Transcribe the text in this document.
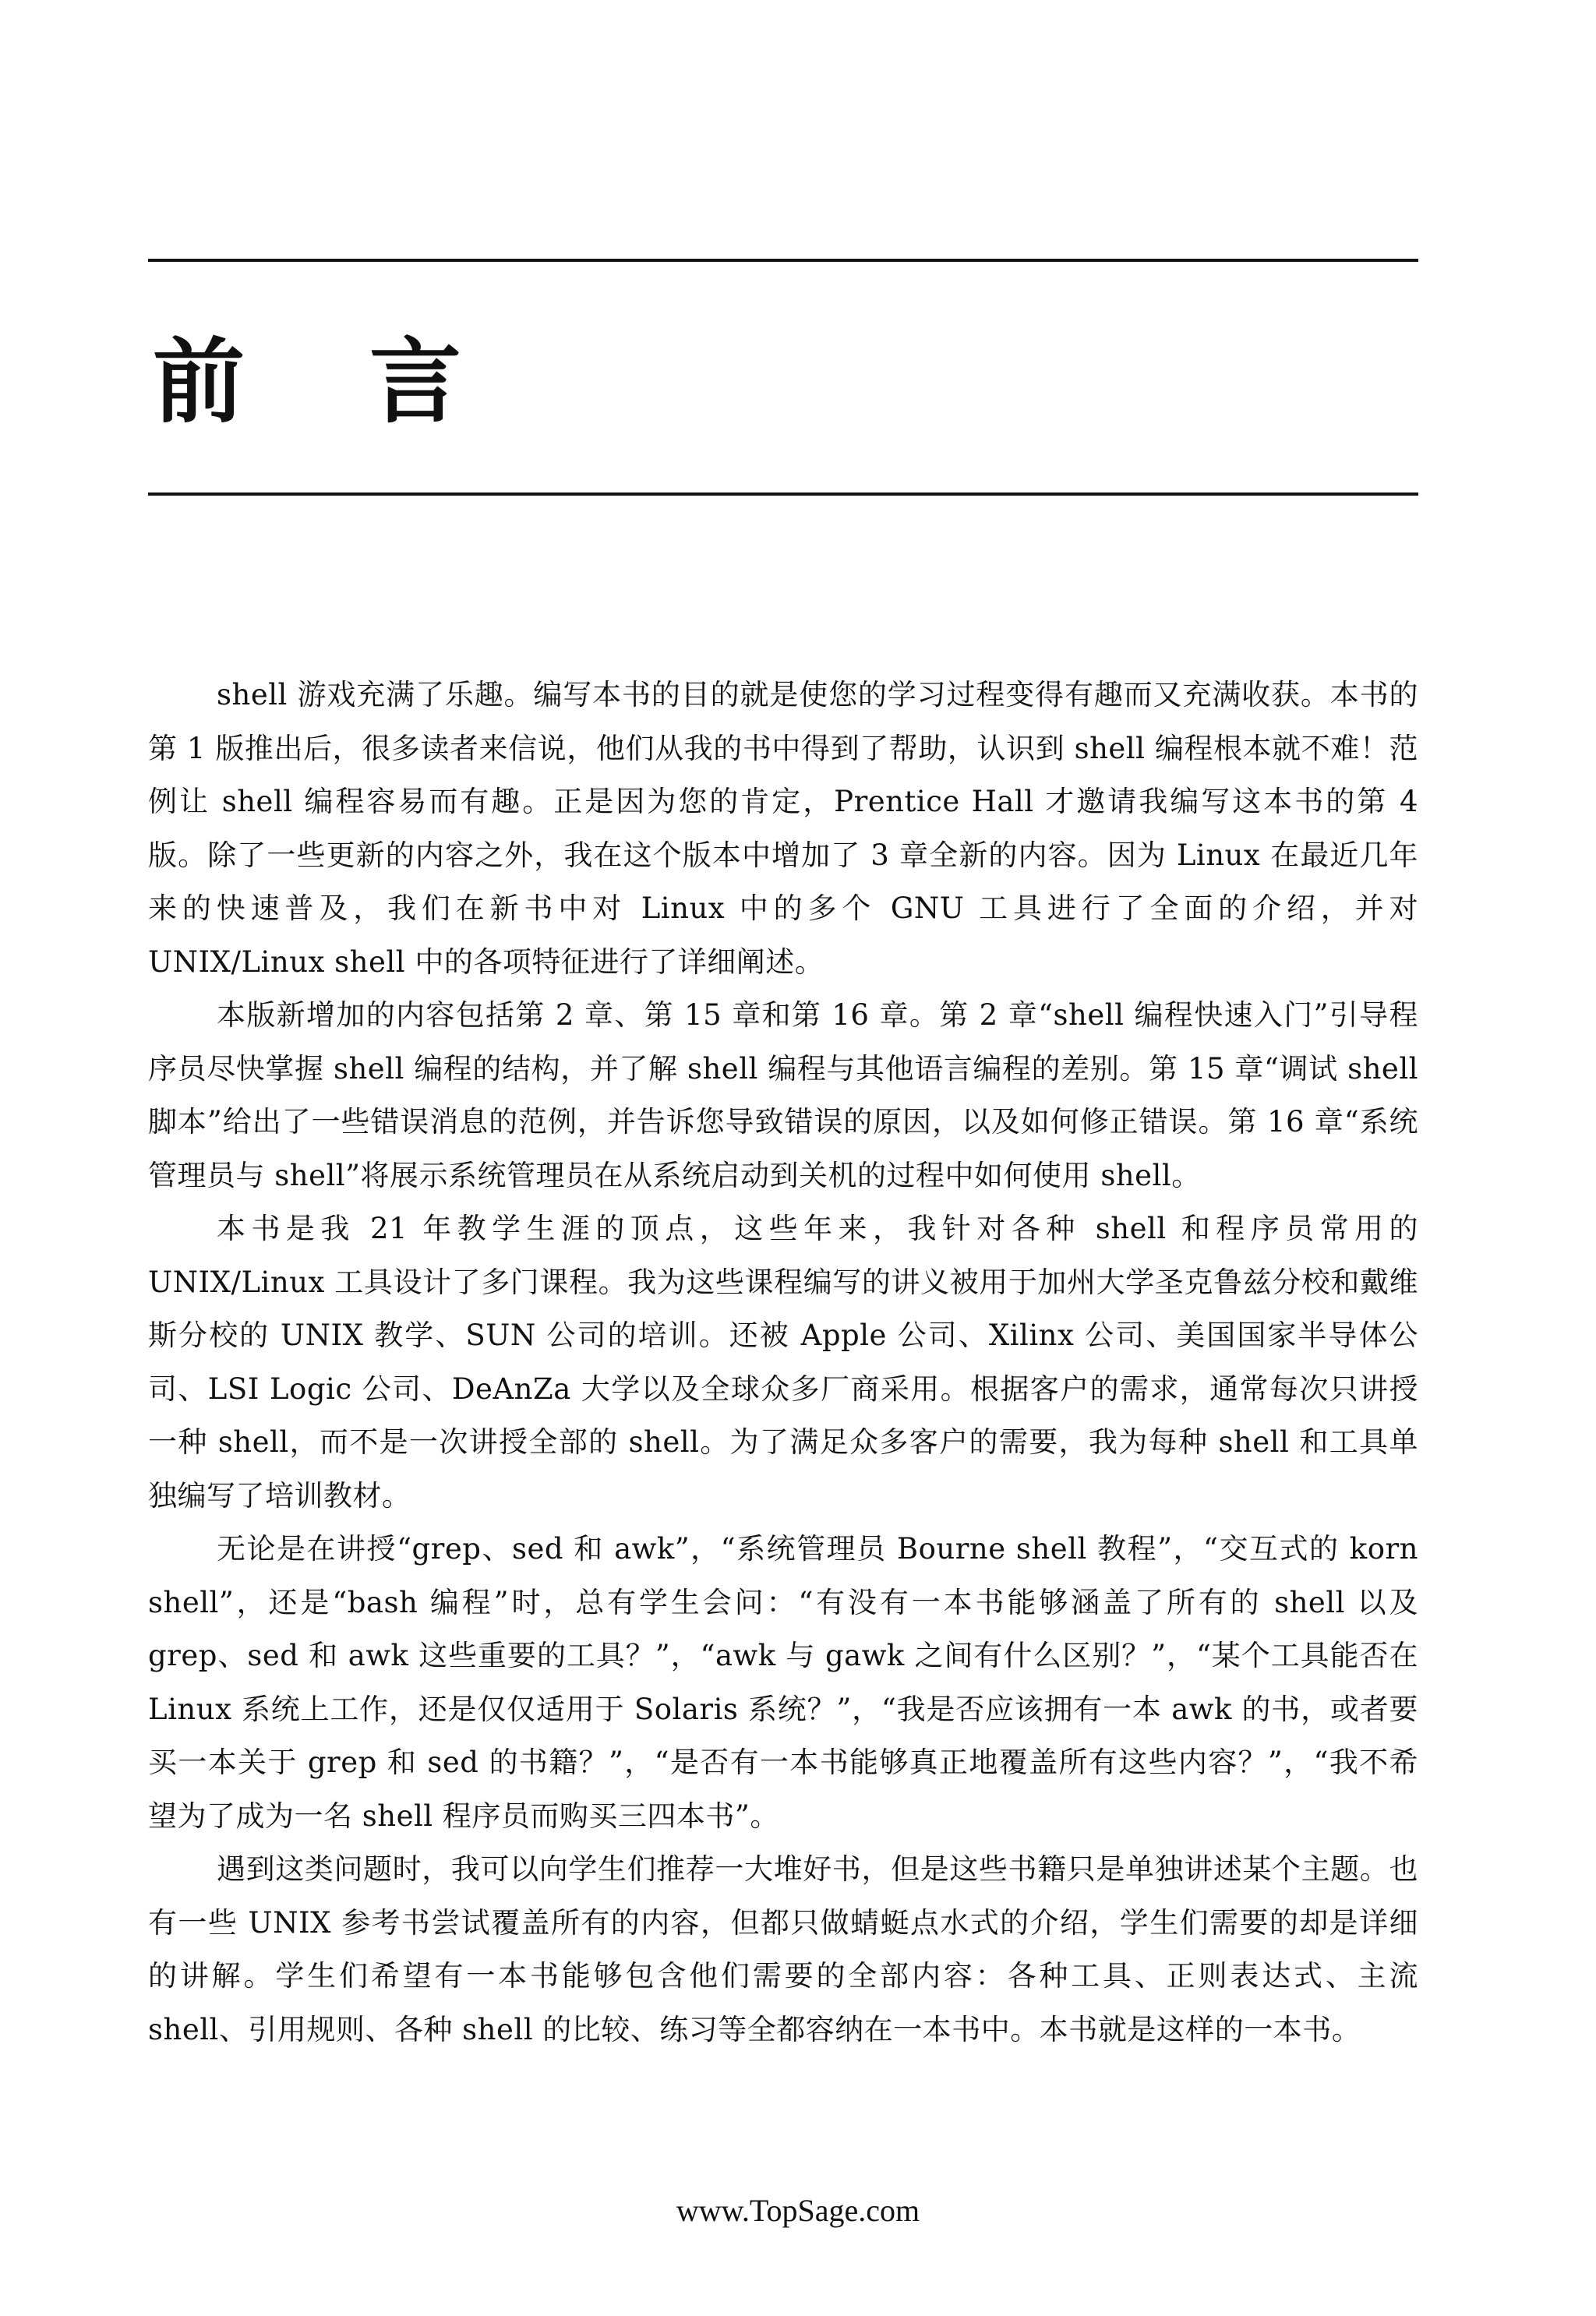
前 言

shell 游戏充满了乐趣。编写本书的目的就是使您的学习过程变得有趣而又充满收获。本书的第 1 版推出后，很多读者来信说，他们从我的书中得到了帮助，认识到 shell 编程根本就不难！范例让 shell 编程容易而有趣。正是因为您的肯定，Prentice Hall 才邀请我编写这本书的第 4 版。除了一些更新的内容之外，我在这个版本中增加了 3 章全新的内容。因为 Linux 在最近几年来的快速普及，我们在新书中对 Linux 中的多个 GNU 工具进行了全面的介绍，并对 UNIX/Linux shell 中的各项特征进行了详细阐述。

本版新增加的内容包括第 2 章、第 15 章和第 16 章。第 2 章“shell 编程快速入门”引导程序员尽快掌握 shell 编程的结构，并了解 shell 编程与其他语言编程的差别。第 15 章“调试 shell 脚本”给出了一些错误消息的范例，并告诉您导致错误的原因，以及如何修正错误。第 16 章“系统管理员与 shell”将展示系统管理员在从系统启动到关机的过程中如何使用 shell。

本书是我 21 年教学生涯的顶点，这些年来，我针对各种 shell 和程序员常用的 UNIX/Linux 工具设计了多门课程。我为这些课程编写的讲义被用于加州大学圣克鲁兹分校和戴维斯分校的 UNIX 教学、SUN 公司的培训。还被 Apple 公司、Xilinx 公司、美国国家半导体公司、LSI Logic 公司、DeAnZa 大学以及全球众多厂商采用。根据客户的需求，通常每次只讲授一种 shell，而不是一次讲授全部的 shell。为了满足众多客户的需要，我为每种 shell 和工具单独编写了培训教材。

无论是在讲授“grep、sed 和 awk”，“系统管理员 Bourne shell 教程”，“交互式的 korn shell”，还是“bash 编程”时，总有学生会问：“有没有一本书能够涵盖了所有的 shell 以及 grep、sed 和 awk 这些重要的工具？”，“awk 与 gawk 之间有什么区别？”，“某个工具能否在 Linux 系统上工作，还是仅仅适用于 Solaris 系统？”，“我是否应该拥有一本 awk 的书，或者要买一本关于 grep 和 sed 的书籍？”，“是否有一本书能够真正地覆盖所有这些内容？”，“我不希望为了成为一名 shell 程序员而购买三四本书”。

遇到这类问题时，我可以向学生们推荐一大堆好书，但是这些书籍只是单独讲述某个主题。也有一些 UNIX 参考书尝试覆盖所有的内容，但都只做蜻蜓点水式的介绍，学生们需要的却是详细的讲解。学生们希望有一本书能够包含他们需要的全部内容：各种工具、正则表达式、主流 shell、引用规则、各种 shell 的比较、练习等全都容纳在一本书中。本书就是这样的一本书。

www.TopSage.com
